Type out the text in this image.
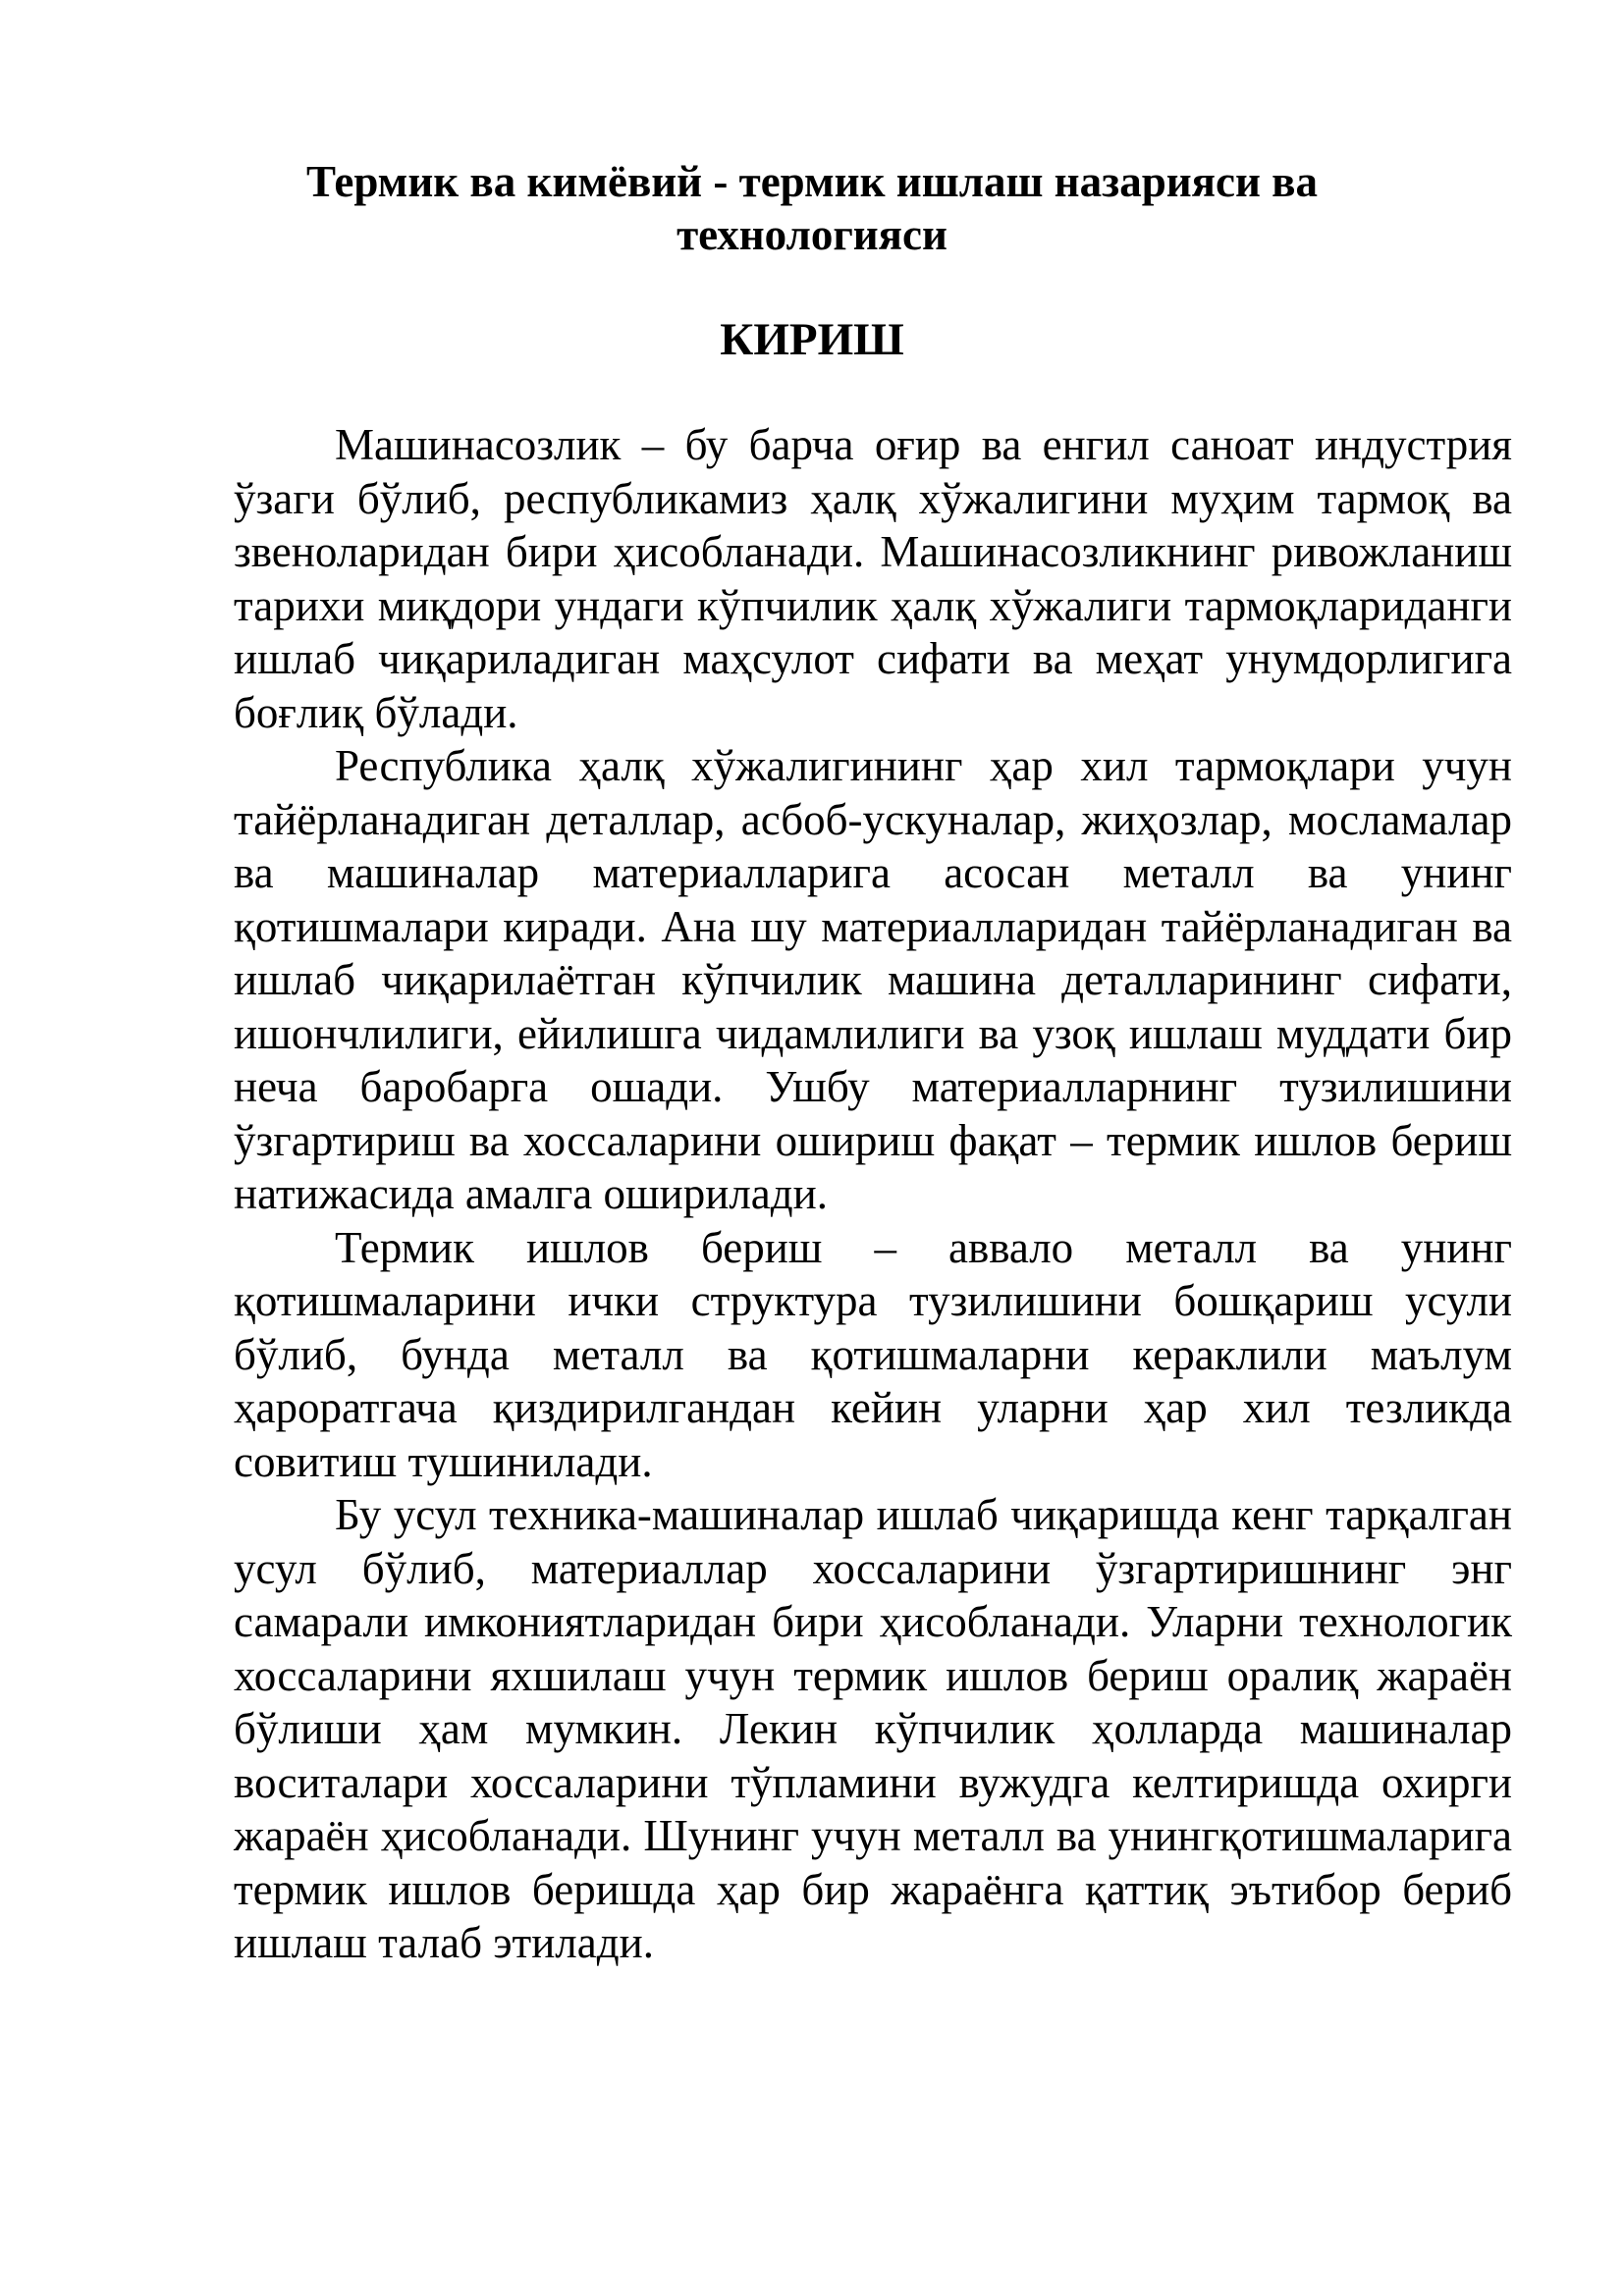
Термик ва кимёвий - термик ишлаш назарияси ва технологияси
КИРИШ

Машинасозлик – бу барча оғир ва енгил саноат индустрия ўзаги бўлиб, республикамиз ҳалқ хўжалигини муҳим тармоқ ва звеноларидан бири ҳисобланади. Машинасозликнинг ривожланиш тарихи миқдори ундаги кўпчилик ҳалқ хўжалиги тармоқлариданги ишлаб чиқариладиган маҳсулот сифати ва меҳат унумдорлигига боғлиқ бўлади.

Республика ҳалқ хўжалигининг ҳар хил тармоқлари учун тайёрланадиган деталлар, асбоб-ускуналар, жиҳозлар, мосламалар ва машиналар материалларига асосан металл ва унинг қотишмалари киради. Ана шу материалларидан тайёрланадиган ва ишлаб чиқарилаётган кўпчилик машина деталларининг сифати, ишончлилиги, ейилишга чидамлилиги ва узоқ ишлаш муддати бир неча баробарга ошади. Ушбу материалларнинг тузилишини ўзгартириш ва хоссаларини ошириш фақат – термик ишлов бериш натижасида амалга оширилади.

Термик ишлов бериш – аввало металл ва унинг қотишмаларини ички структура тузилишини бошқариш усули бўлиб, бунда металл ва қотишмаларни кераклили маълум ҳароратгача қиздирилгандан кейин уларни ҳар хил тезликда совитиш тушинилади.

Бу усул техника-машиналар ишлаб чиқаришда кенг тарқалган усул бўлиб, материаллар хоссаларини ўзгартиришнинг энг самарали имкониятларидан бири ҳисобланади. Уларни технологик хоссаларини яхшилаш учун термик ишлов бериш оралиқ жараён бўлиши ҳам мумкин. Лекин кўпчилик ҳолларда машиналар воситалари хоссаларини тўпламини вужудга келтиришда охирги жараён ҳисобланади. Шунинг учун металл ва унингқотишмаларига термик ишлов беришда ҳар бир жараёнга қаттиқ эътибор бериб ишлаш талаб этилади.
